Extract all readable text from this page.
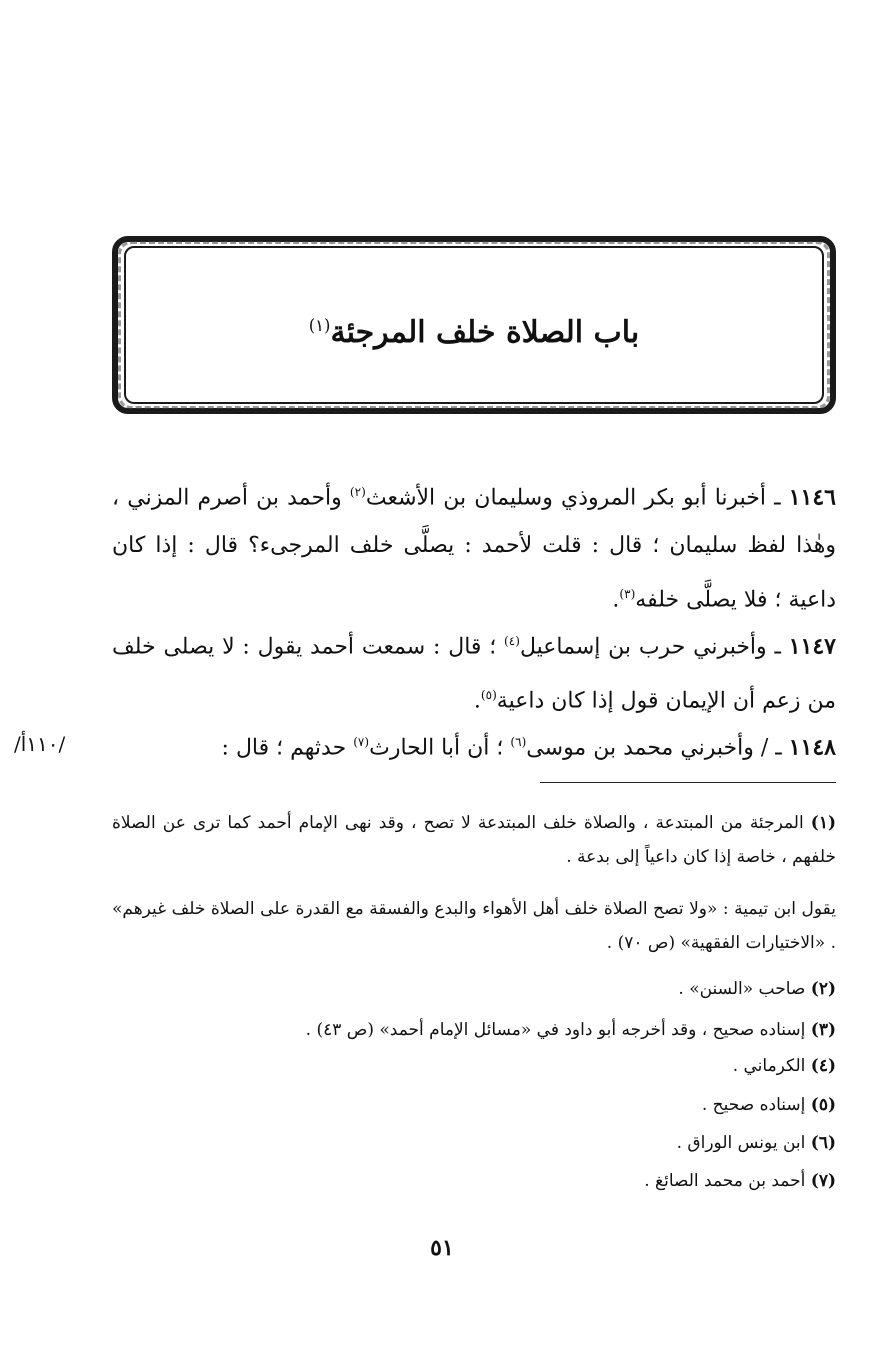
باب الصلاة خلف المرجئة$^{(١)}$

١١٤٦ ـ أخبرنا أبو بكر المروذي وسليمان بن الأشعث$^{(٢)}$ وأحمد بن أصرم المزني ، وهٰذا لفظ سليمان ؛ قال : قلت لأحمد : يصلَّى خلف المرجىء؟ قال : إذا كان داعية ؛ فلا يصلَّى خلفه$^{(٣)}$.

١١٤٧ ـ وأخبرني حرب بن إسماعيل$^{(٤)}$ ؛ قال : سمعت أحمد يقول : لا يصلى خلف من زعم أن الإيمان قول إذا كان داعية$^{(٥)}$.

١١٤٨ ـ / وأخبرني محمد بن موسى$^{(٦)}$ ؛ أن أبا الحارث$^{(٧)}$ حدثهم ؛ قال :

/١١٠أ/

(١) المرجئة من المبتدعة ، والصلاة خلف المبتدعة لا تصح ، وقد نهى الإمام أحمد كما ترى عن الصلاة خلفهم ، خاصة إذا كان داعياً إلى بدعة .

يقول ابن تيمية : «ولا تصح الصلاة خلف أهل الأهواء والبدع والفسقة مع القدرة على الصلاة خلف غيرهم» . «الاختيارات الفقهية» (ص ٧٠) .

(٢) صاحب «السنن» .

(٣) إسناده صحيح ، وقد أخرجه أبو داود في «مسائل الإمام أحمد» (ص ٤٣) .

(٤) الكرماني .

(٥) إسناده صحيح .

(٦) ابن يونس الوراق .

(٧) أحمد بن محمد الصائغ .

٥١
